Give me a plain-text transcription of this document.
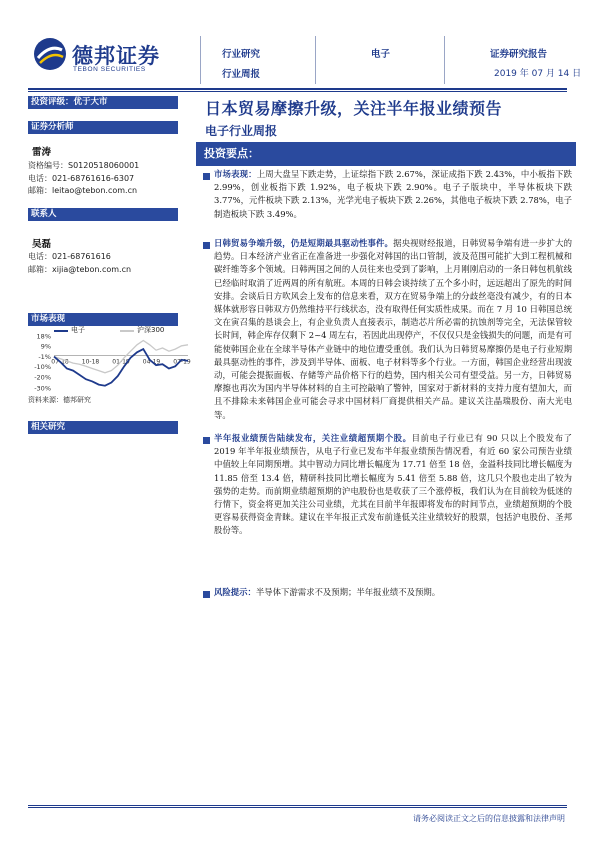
德邦证券
TEBON SECURITIES
行业研究
行业周报
电子	证券研究报告
2019 年 07 月 14 日
投资评级：优于大市
证券分析师
雷涛
资格编号：S0120518060001
电话：021-68761616-6307
邮箱：leitao@tebon.com.cn
联系人
吴磊
电话：021-68761616
邮箱：xijia@tebon.com.cn
市场表现
电子	沪深300
18%
9%
-1%
-10%
-20%
-30%
07-18 10-18 01-19 04-19 07-19
资料来源：德邦研究
相关研究
日本贸易摩擦升级，关注半年报业绩预告
电子行业周报
投资要点：
市场表现：上周大盘呈下跌走势，上证综指下跌 2.67%，深证成指下跌 2.43%，中小板指下跌 2.99%，创业板指下跌 1.92%，电子板块下跌 2.90%。电子子版块中，半导体板块下跌 3.77%，元件板块下跌 2.13%，光学光电子板块下跌 2.26%，其他电子板块下跌 2.78%，电子制造板块下跌 3.49%。
日韩贸易争端升级，仍是短期最具驱动性事件。据央视财经报道，日韩贸易争端有进一步扩大的趋势。日本经济产业省正在准备进一步强化对韩国的出口管制，波及范围可能扩大到工程机械和碳纤维等多个领域。日韩两国之间的人员往来也受到了影响，上月刚刚启动的一条日韩包机航线已经临时取消了近两周的所有航班。本周的日韩会谈持续了五个多小时，远远超出了原先的时间安排。会谈后日方吹风会上发布的信息来看，双方在贸易争端上的分歧丝毫没有减少，有的日本媒体就形容日韩双方仍然维持平行线状态，没有取得任何实质性成果。而在 7 月 10 日韩国总统文在寅召集的恳谈会上，有企业负责人直接表示，制造芯片所必需的抗蚀剂等完全，无法保管较长时间，韩企库存仅剩下 2~4 周左右，若因此出现停产，不仅仅只是金钱损失的问题，而是有可能使韩国企业在全球半导体产业链中的地位遭受重创。我们认为日韩贸易摩擦仍是电子行业短期最具驱动性的事件，涉及到半导体、面板、电子材料等多个行业。一方面，韩国企业经营出现波动，可能会提振面板、存储等产品价格下行的趋势，国内相关公司有望受益。另一方，日韩贸易摩擦也再次为国内半导体材料的自主可控敲响了警钟，国家对于新材料的支持力度有望加大，而且不排除未来韩国企业可能会寻求中国材料厂商提供相关产品。建议关注晶瑞股份、南大光电等。
半年报业绩预告陆续发布，关注业绩超预期个股。目前电子行业已有 90 只以上个股发布了 2019 年半年报业绩预告，从电子行业已发布半年报业绩预告情况看，有近 60 家公司预告业绩中值较上年同期预增。其中智动力同比增长幅度为 17.71 倍至 18 倍，金溢科技同比增长幅度为 11.85 倍至 13.4 倍，精研科技同比增长幅度为 5.41 倍至 5.88 倍，这几只个股也走出了较为强势的走势。而前期业绩超预期的沪电股份也是收获了三个涨停板，我们认为在目前较为低迷的行情下，资金将更加关注公司业绩，尤其在目前半年报即将发布的时间节点，业绩超预期的个股更容易获得资金青睐。建议在半年报正式发布前逢低关注业绩较好的股票，包括沪电股份、圣邦股份等。
风险提示：半导体下游需求不及预期；半年报业绩不及预期。
请务必阅读正文之后的信息披露和法律声明
